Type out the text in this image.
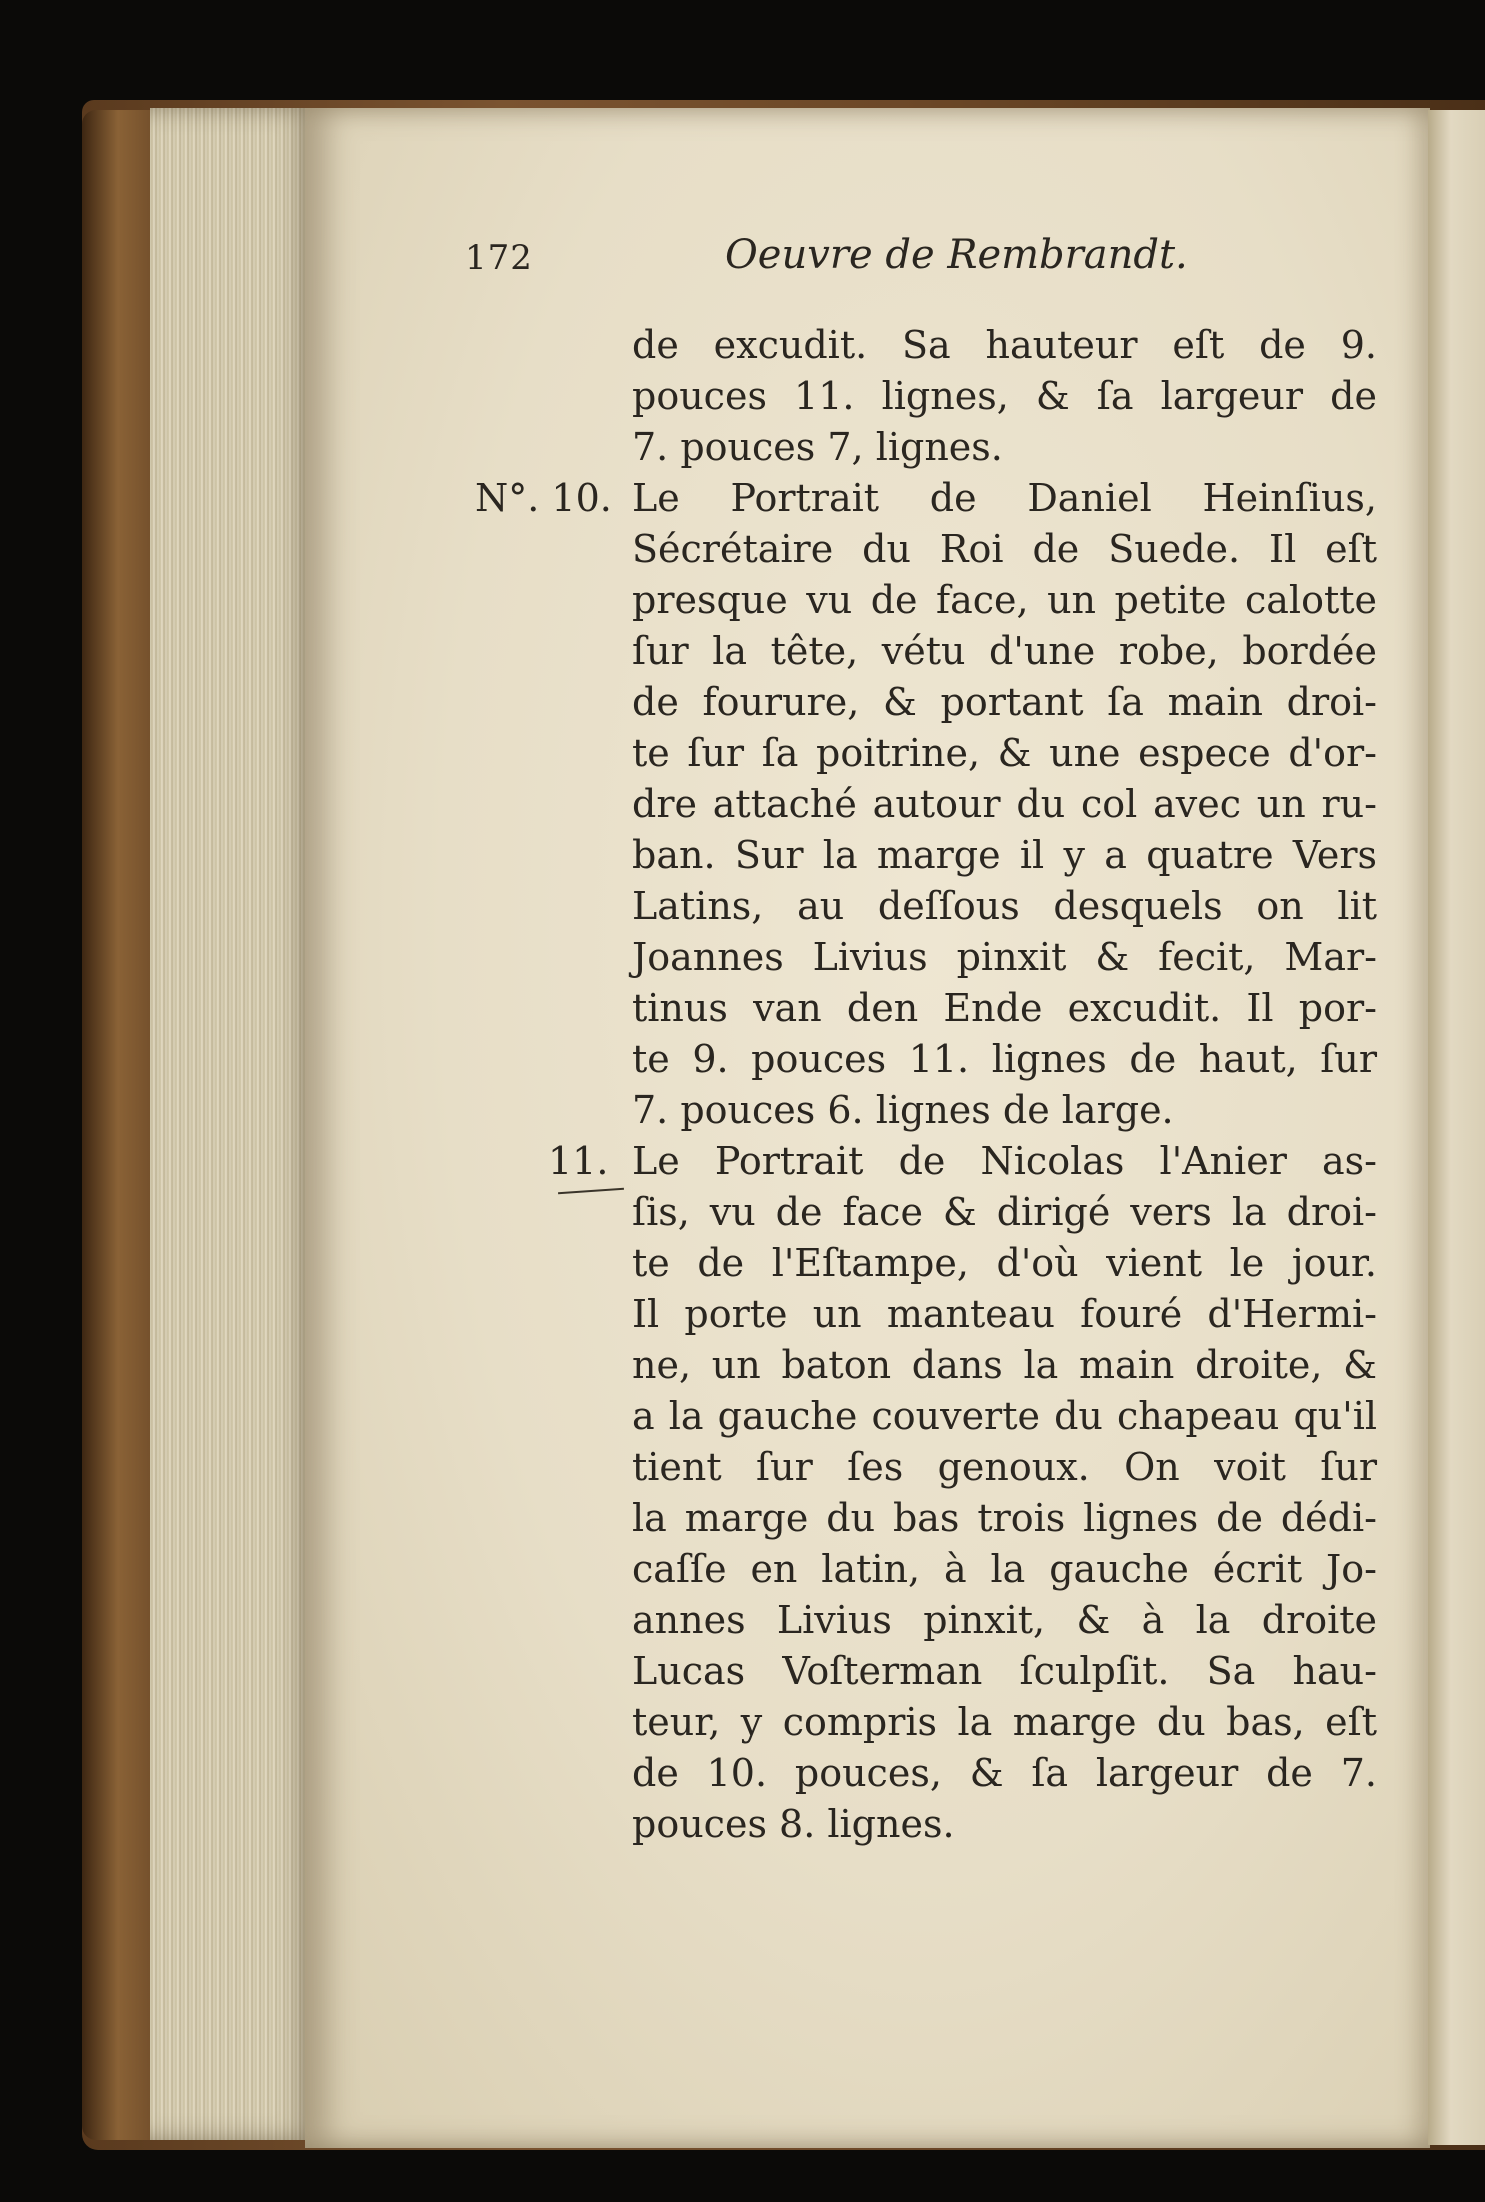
172	Oeuvre de Rembrandt.
N°. 10.
11.
de excudit. Sa hauteur eſt de 9.
pouces 11. lignes, & ſa largeur de
7. pouces 7, lignes.
Le Portrait de Daniel Heinſius,
Sécrétaire du Roi de Suede. Il eſt
presque vu de face, un petite calotte
ſur la tête, vétu d'une robe, bordée
de fourure, & portant ſa main droi-
te ſur ſa poitrine, & une espece d'or-
dre attaché autour du col avec un ru-
ban. Sur la marge il y a quatre Vers
Latins, au deſſous desquels on lit
Joannes Livius pinxit & fecit, Mar-
tinus van den Ende excudit. Il por-
te 9. pouces 11. lignes de haut, ſur
7. pouces 6. lignes de large.
Le Portrait de Nicolas l'Anier as-
ſis, vu de face & dirigé vers la droi-
te de l'Eſtampe, d'où vient le jour.
Il porte un manteau fouré d'Hermi-
ne, un baton dans la main droite, &
a la gauche couverte du chapeau qu'il
tient ſur ſes genoux. On voit ſur
la marge du bas trois lignes de dédi-
caſſe en latin, à la gauche écrit Jo-
annes Livius pinxit, & à la droite
Lucas Voſterman ſculpſit. Sa hau-
teur, y compris la marge du bas, eſt
de 10. pouces, & ſa largeur de 7.
pouces 8. lignes.
